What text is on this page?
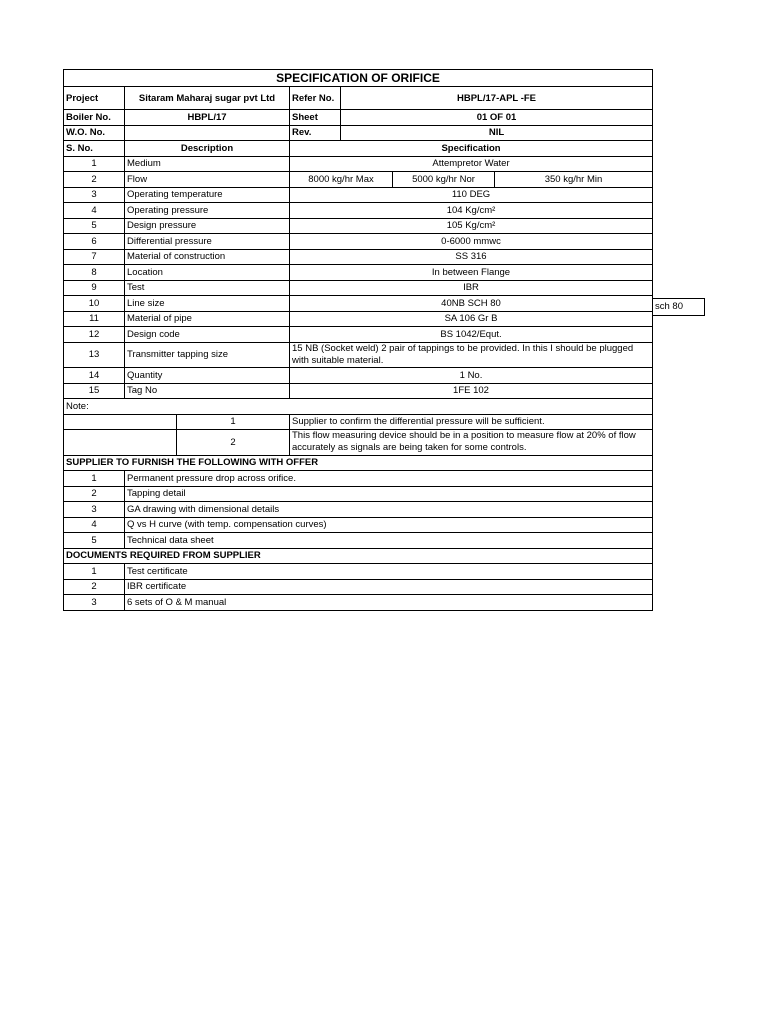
SPECIFICATION OF ORIFICE						
Project	Sitaram Maharaj sugar pvt Ltd		Refer No.	HBPL/17-APL -FE		
Boiler No.	HBPL/17		Sheet	01 OF 01		
W.O. No.			Rev.	NIL		
S. No.	Description		Specification			
1	Medium		Attempretor Water			
2	Flow		8000 kg/hr Max		5000 kg/hr Nor	350 kg/hr Min
3	Operating temperature		110 DEG			
4	Operating pressure		104 Kg/cm²			
5	Design pressure		105 Kg/cm²			
6	Differential pressure		0-6000 mmwc			
7	Material of construction		SS 316			
8	Location		In between Flange			
9	Test		IBR			
10	Line size		40NB SCH 80			
11	Material of pipe		SA 106 Gr B			
12	Design code		BS 1042/Equt.			
13	Transmitter tapping size		15 NB (Socket weld) 2 pair of tappings to be provided. In this I should be plugged with suitable material.			
14	Quantity		1 No.			
15	Tag No		1FE 102			
Note:						
		1	Supplier to confirm the differential pressure will be sufficient.			
		2	This flow measuring device should be in a position to measure flow at 20% of flow accurately as signals are being taken for some controls.			
SUPPLIER TO FURNISH THE FOLLOWING WITH OFFER						
1	Permanent pressure drop across orifice.					
2	Tapping detail					
3	GA drawing with dimensional details					
4	Q vs H curve (with temp. compensation curves)					
5	Technical data sheet					
DOCUMENTS REQUIRED FROM SUPPLIER						
1	Test certificate					
2	IBR certificate					
3	6 sets of O & M manual					
sch 80
